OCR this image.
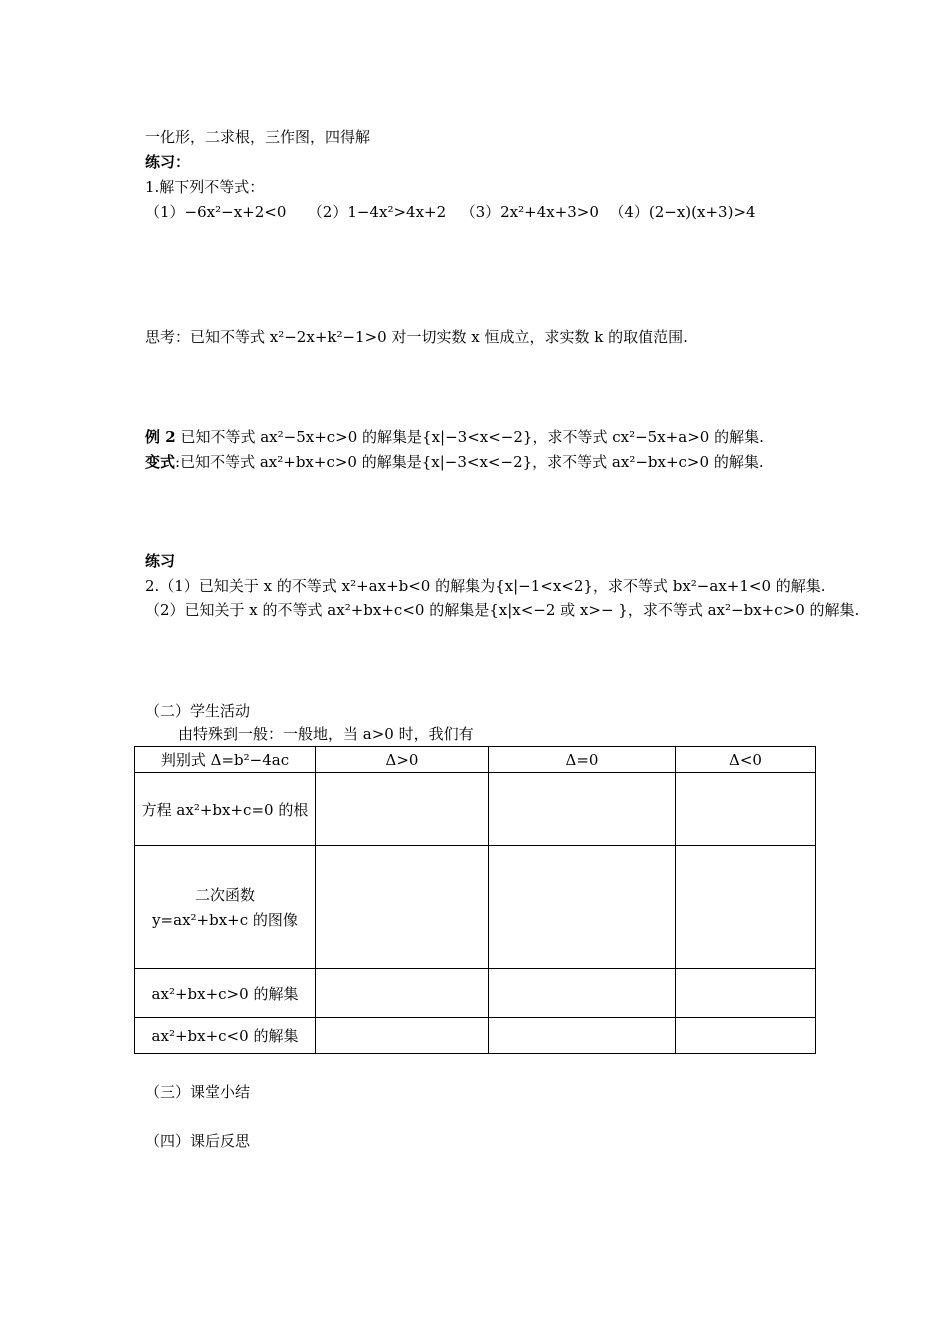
一化形，二求根，三作图，四得解
练习：
1.解下列不等式：
（1）−6x²−x+2<0 （2）1−4x²>4x+2 （3）2x²+4x+3>0 （4）(2−x)(x+3)>4
思考：已知不等式 x²−2x+k²−1>0 对一切实数 x 恒成立，求实数 k 的取值范围.
例 2 已知不等式 ax²−5x+c>0 的解集是{x|−3<x<−2}，求不等式 cx²−5x+a>0 的解集.
变式:已知不等式 ax²+bx+c>0 的解集是{x|−3<x<−2}，求不等式 ax²−bx+c>0 的解集.
练习
2.（1）已知关于 x 的不等式 x²+ax+b<0 的解集为{x|−1<x<2}，求不等式 bx²−ax+1<0 的解集.
（2）已知关于 x 的不等式 ax²+bx+c<0 的解集是{x|x<−2 或 x>− }，求不等式 ax²−bx+c>0 的解集.
（二）学生活动
由特殊到一般：一般地，当 a>0 时，我们有
判别式 Δ=b²−4ac	Δ>0	Δ=0	Δ<0
方程 ax²+bx+c=0 的根			

二次函数
y=ax²+bx+c 的图像			

ax²+bx+c>0 的解集			
ax²+bx+c<0 的解集			
（三）课堂小结
（四）课后反思
